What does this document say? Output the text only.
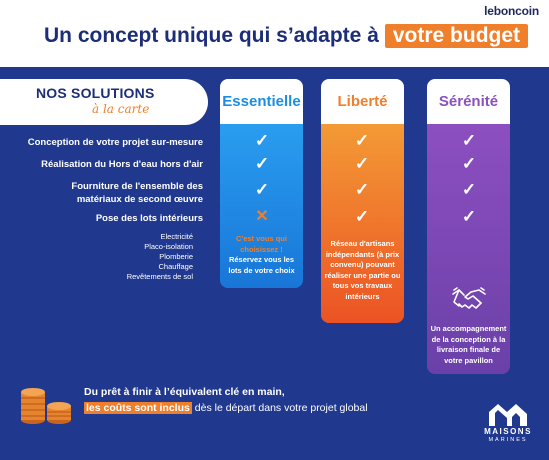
leboncoin
Un concept unique qui s’adapte à votre budget
NOS SOLUTIONS
à la carte
Conception de votre projet sur-mesure
Réalisation du Hors d'eau hors d'air
Fourniture de l'ensemble des matériaux de second œuvre
Pose des lots intérieurs
Electricité
Placo-isolation
Plomberie
Chauffage
Revêtements de sol
Essentielle
✓
✓
✓
✕
C'est vous qui choisissez !
Réservez vous les lots de votre choix
Liberté
✓
✓
✓
✓
Réseau d'artisans indépendants (à prix convenu) pouvant réaliser une partie ou tous vos travaux intérieurs
Sérénité
✓
✓
✓
✓
Un accompagnement de la conception à la livraison finale de votre pavillon
Du prêt à finir à l’équivalent clé en main,
les coûts sont inclus dès le départ dans votre projet global
MAISONS
MARINES
